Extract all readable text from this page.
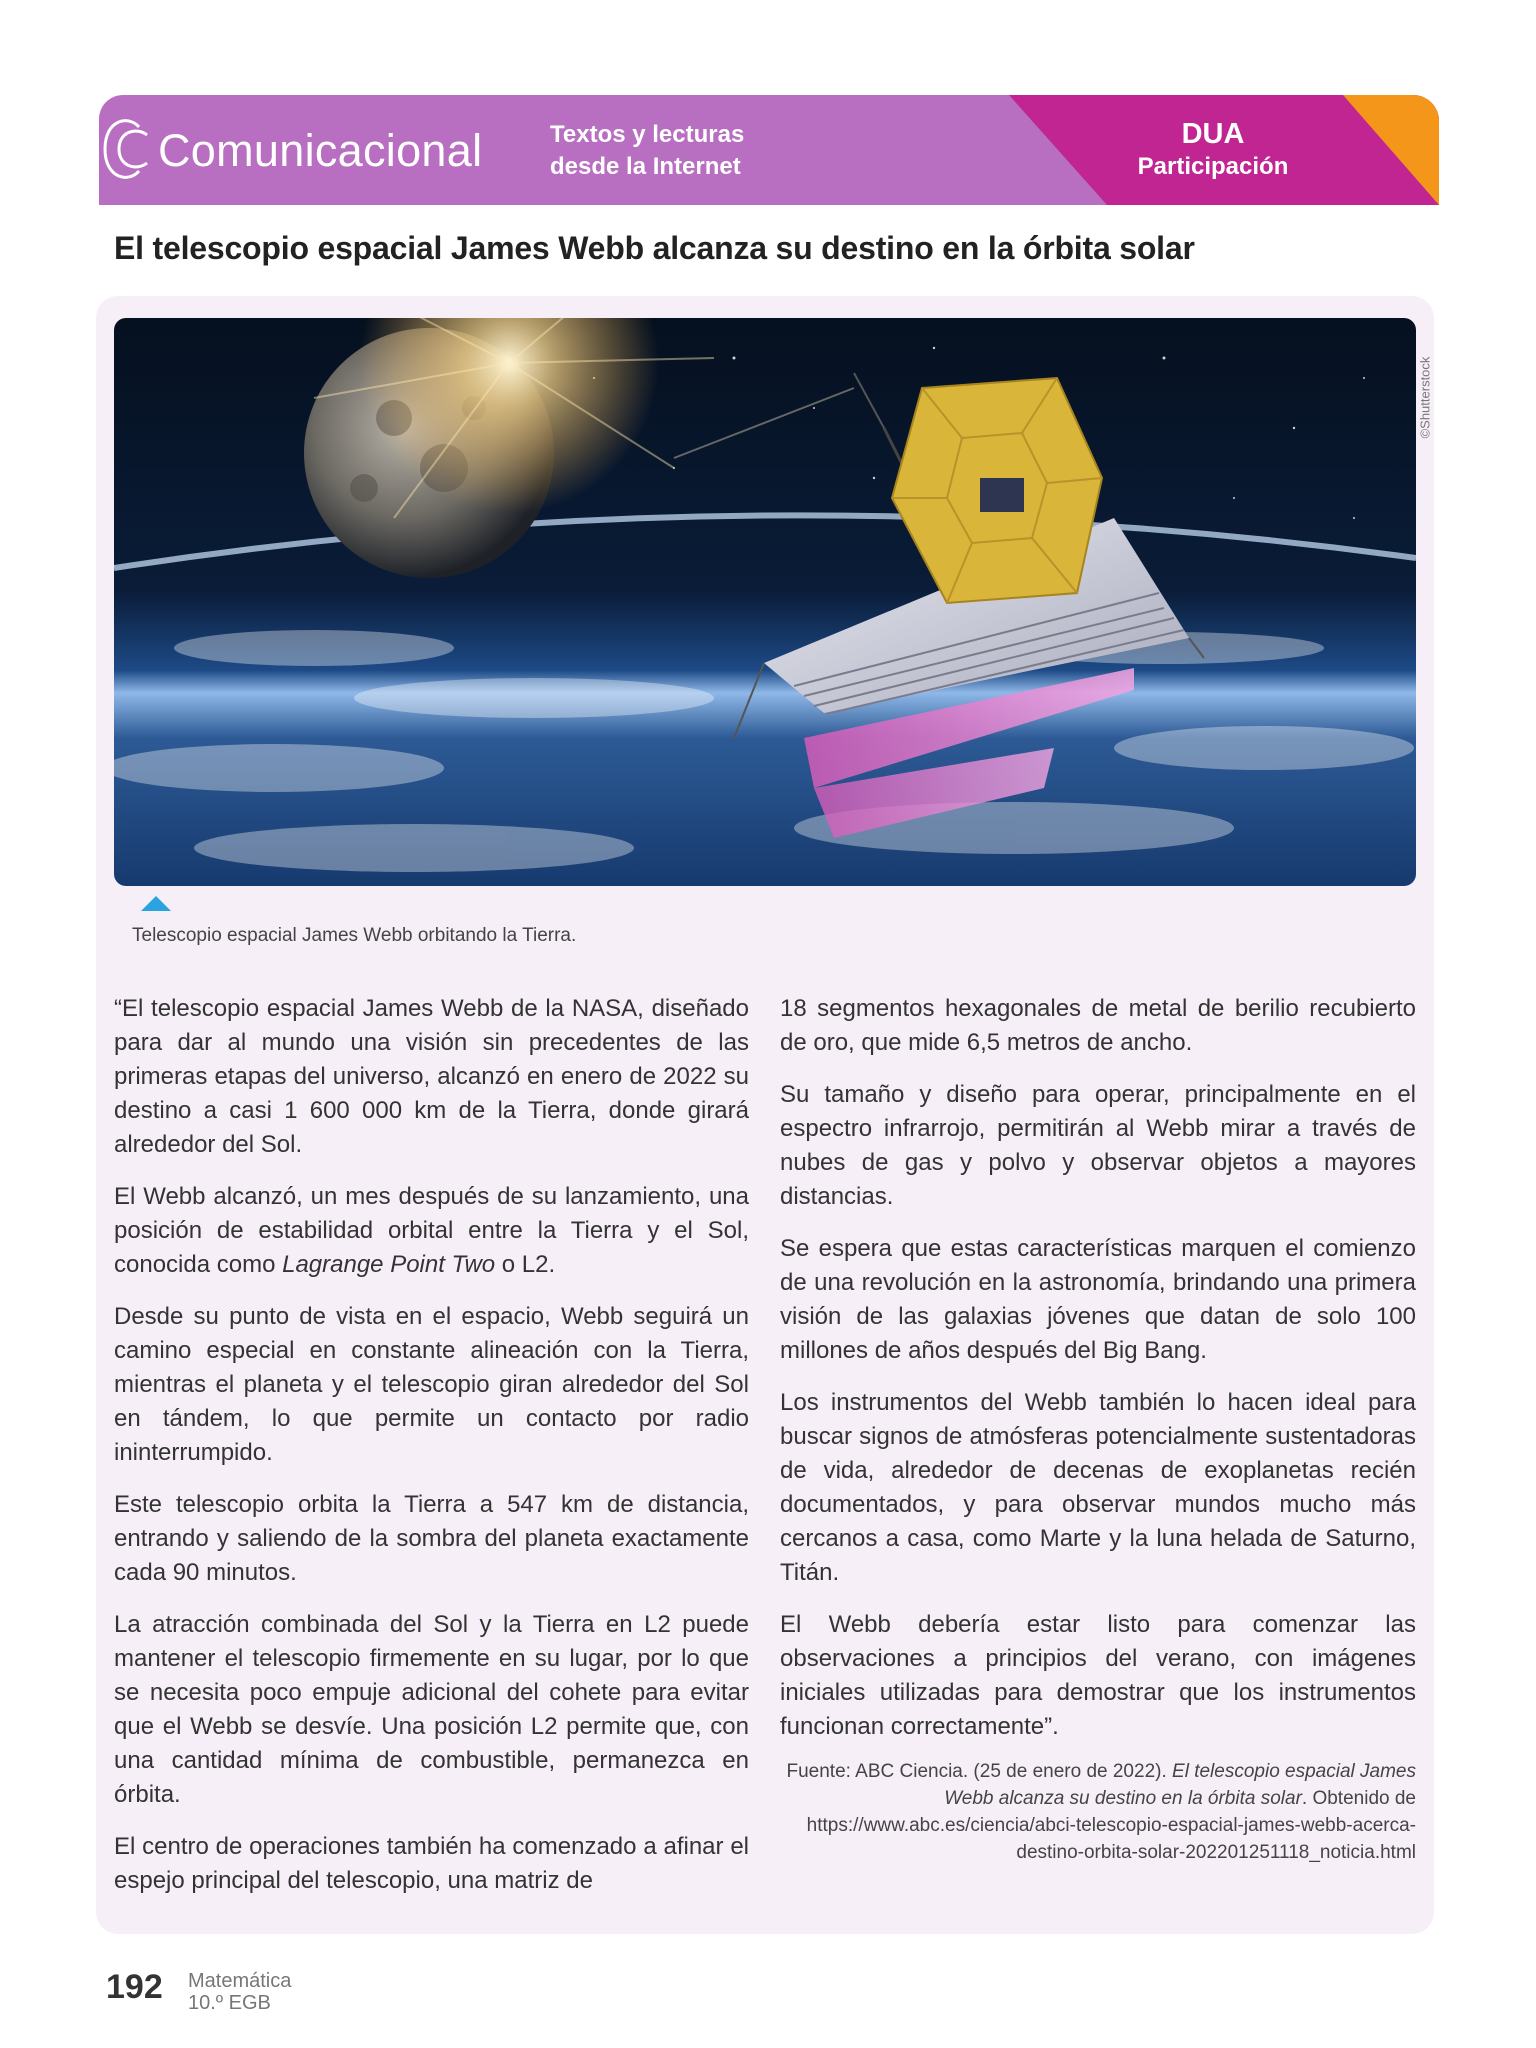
Comunicacional	Textos y lecturas
desde la Internet
DUA
Participación
El telescopio espacial James Webb alcanza su destino en la órbita solar
©Shutterstock
Telescopio espacial James Webb orbitando la Tierra.

“El telescopio espacial James Webb de la NASA, diseñado para dar al mundo una visión sin precedentes de las primeras etapas del universo, alcanzó en enero de 2022 su destino a casi 1 600 000 km de la Tierra, donde girará alrededor del Sol.

El Webb alcanzó, un mes después de su lanzamiento, una posición de estabilidad orbital entre la Tierra y el Sol, conocida como Lagrange Point Two o L2.

Desde su punto de vista en el espacio, Webb seguirá un camino especial en constante alineación con la Tierra, mientras el planeta y el telescopio giran alrededor del Sol en tándem, lo que permite un contacto por radio ininterrumpido.

Este telescopio orbita la Tierra a 547 km de distancia, entrando y saliendo de la sombra del planeta exactamente cada 90 minutos.

La atracción combinada del Sol y la Tierra en L2 puede mantener el telescopio firmemente en su lugar, por lo que se necesita poco empuje adicional del cohete para evitar que el Webb se desvíe. Una posición L2 permite que, con una cantidad mínima de combustible, permanezca en órbita.

El centro de operaciones también ha comenzado a afinar el espejo principal del telescopio, una matriz de

18 segmentos hexagonales de metal de berilio recubierto de oro, que mide 6,5 metros de ancho.

Su tamaño y diseño para operar, principalmente en el espectro infrarrojo, permitirán al Webb mirar a través de nubes de gas y polvo y observar objetos a mayores distancias.

Se espera que estas características marquen el comienzo de una revolución en la astronomía, brindando una primera visión de las galaxias jóvenes que datan de solo 100 millones de años después del Big Bang.

Los instrumentos del Webb también lo hacen ideal para buscar signos de atmósferas potencialmente sustentadoras de vida, alrededor de decenas de exoplanetas recién documentados, y para observar mundos mucho más cercanos a casa, como Marte y la luna helada de Saturno, Titán.

El Webb debería estar listo para comenzar las observaciones a principios del verano, con imágenes iniciales utilizadas para demostrar que los instrumentos funcionan correctamente”.

Fuente: ABC Ciencia. (25 de enero de 2022). El telescopio espacial James Webb alcanza su destino en la órbita solar. Obtenido de https://www.abc.es/ciencia/abci-telescopio-espacial-james-webb-acerca-destino-orbita-solar-202201251118_noticia.html

192 Matemática
10.º EGB
